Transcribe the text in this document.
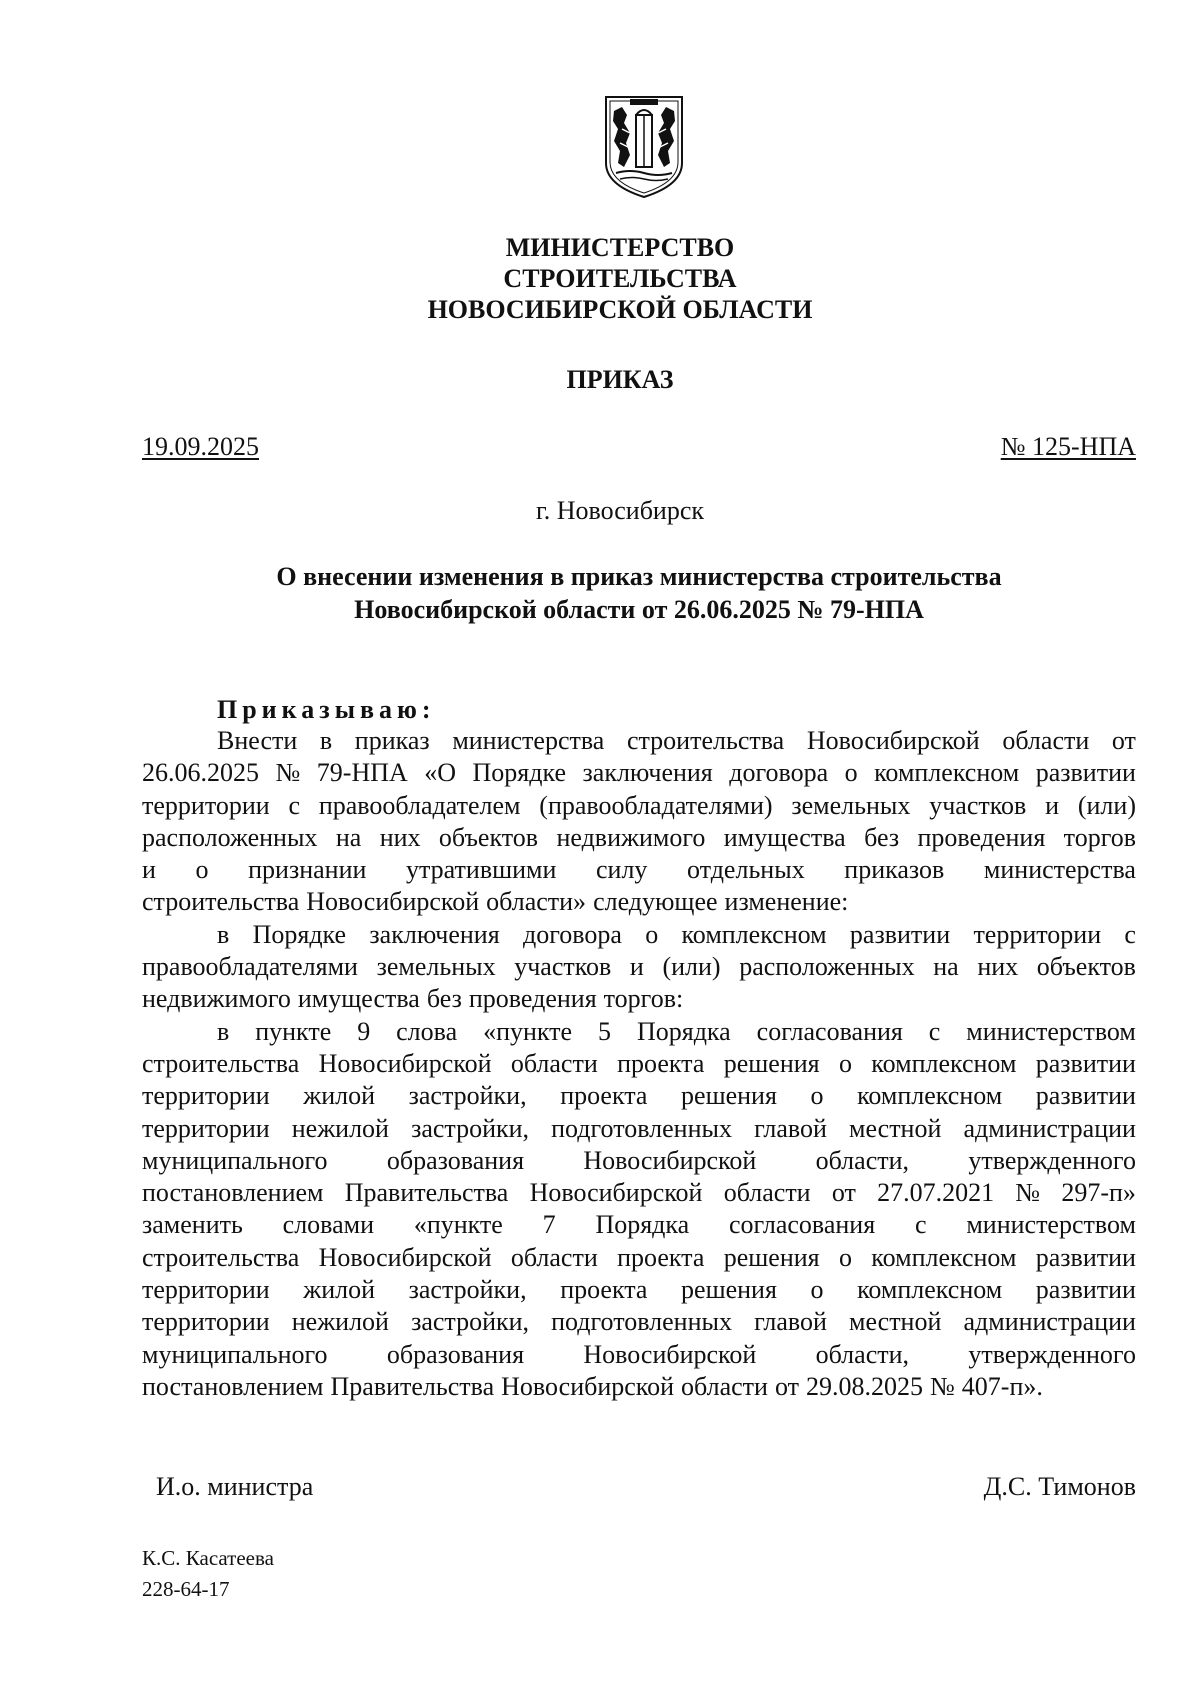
МИНИСТЕРСТВО
СТРОИТЕЛЬСТВА
НОВОСИБИРСКОЙ ОБЛАСТИ
ПРИКАЗ
19.09.2025	№ 125-НПА
г. Новосибирск
О внесении изменения в приказ министерства строительства
Новосибирской области от 26.06.2025 № 79-НПА
Приказываю:
Внести в приказ министерства строительства Новосибирской области от
26.06.2025 № 79-НПА «О Порядке заключения договора о комплексном развитии
территории с правообладателем (правообладателями) земельных участков и (или)
расположенных на них объектов недвижимого имущества без проведения торгов
и о признании утратившими силу отдельных приказов министерства
строительства Новосибирской области» следующее изменение:
в Порядке заключения договора о комплексном развитии территории с
правообладателями земельных участков и (или) расположенных на них объектов
недвижимого имущества без проведения торгов:
в пункте 9 слова «пункте 5 Порядка согласования с министерством
строительства Новосибирской области проекта решения о комплексном развитии
территории жилой застройки, проекта решения о комплексном развитии
территории нежилой застройки, подготовленных главой местной администрации
муниципального образования Новосибирской области, утвержденного
постановлением Правительства Новосибирской области от 27.07.2021 № 297-п»
заменить словами «пункте 7 Порядка согласования с министерством
строительства Новосибирской области проекта решения о комплексном развитии
территории жилой застройки, проекта решения о комплексном развитии
территории нежилой застройки, подготовленных главой местной администрации
муниципального образования Новосибирской области, утвержденного
постановлением Правительства Новосибирской области от 29.08.2025 № 407-п».
И.о. министра	Д.С. Тимонов
К.С. Касатеева
228-64-17
